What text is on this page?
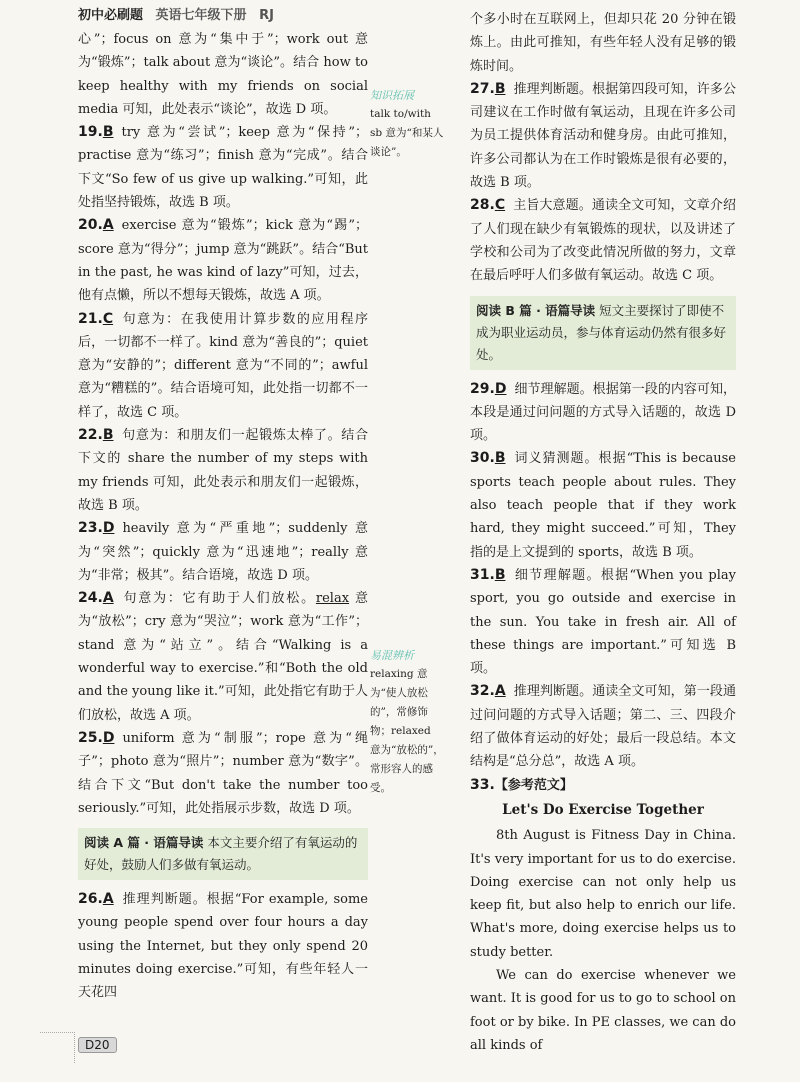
初中必刷题 英语七年级下册 RJ

心”；focus on 意为“集中于”；work out 意为“锻炼”；talk about 意为“谈论”。结合 how to keep healthy with my friends on social media 可知，此处表示“谈论”，故选 D 项。

19.B try 意为“尝试”；keep 意为“保持”；practise 意为“练习”；finish 意为“完成”。结合下文“So few of us give up walking.”可知，此处指坚持锻炼，故选 B 项。
20.A exercise 意为“锻炼”；kick 意为“踢”；score 意为“得分”；jump 意为“跳跃”。结合“But in the past, he was kind of lazy”可知，过去，他有点懒，所以不想每天锻炼，故选 A 项。
21.C 句意为：在我使用计算步数的应用程序后，一切都不一样了。kind 意为“善良的”；quiet 意为“安静的”；different 意为“不同的”；awful 意为“糟糕的”。结合语境可知，此处指一切都不一样了，故选 C 项。
22.B 句意为：和朋友们一起锻炼太棒了。结合下文的 share the number of my steps with my friends 可知，此处表示和朋友们一起锻炼，故选 B 项。
23.D heavily 意为“严重地”；suddenly 意为“突然”；quickly 意为“迅速地”；really 意为“非常；极其”。结合语境，故选 D 项。
24.A 句意为：它有助于人们放松。relax 意为“放松”；cry 意为“哭泣”；work 意为“工作”；stand 意为“站立”。结合“Walking is a wonderful way to exercise.”和“Both the old and the young like it.”可知，此处指它有助于人们放松，故选 A 项。
25.D uniform 意为“制服”；rope 意为“绳子”；photo 意为“照片”；number 意为“数字”。结合下文“But don't take the number too seriously.”可知，此处指展示步数，故选 D 项。
阅读 A 篇 · 语篇导读 本文主要介绍了有氧运动的好处，鼓励人们多做有氧运动。
26.A 推理判断题。根据“For example, some young people spend over four hours a day using the Internet, but they only spend 20 minutes doing exercise.”可知，有些年轻人一天花四
知识拓展
talk to/with sb 意为“和某人谈论”。
易混辨析
relaxing 意为“使人放松的”，常修饰物；relaxed 意为“放松的”，常形容人的感受。

个多小时在互联网上，但却只花 20 分钟在锻炼上。由此可推知，有些年轻人没有足够的锻炼时间。

27.B 推理判断题。根据第四段可知，许多公司建议在工作时做有氧运动，且现在许多公司为员工提供体育活动和健身房。由此可推知，许多公司都认为在工作时锻炼是很有必要的，故选 B 项。
28.C 主旨大意题。通读全文可知，文章介绍了人们现在缺少有氧锻炼的现状，以及讲述了学校和公司为了改变此情况所做的努力，文章在最后呼吁人们多做有氧运动。故选 C 项。
阅读 B 篇 · 语篇导读 短文主要探讨了即使不成为职业运动员，参与体育运动仍然有很多好处。
29.D 细节理解题。根据第一段的内容可知，本段是通过问问题的方式导入话题的，故选 D 项。
30.B 词义猜测题。根据“This is because sports teach people about rules. They also teach people that if they work hard, they might succeed.”可知，They 指的是上文提到的 sports，故选 B 项。
31.B 细节理解题。根据“When you play sport, you go outside and exercise in the sun. You take in fresh air. All of these things are important.”可知选 B 项。
32.A 推理判断题。通读全文可知，第一段通过问问题的方式导入话题；第二、三、四段介绍了做体育运动的好处；最后一段总结。本文结构是“总分总”，故选 A 项。
33.【参考范文】
Let's Do Exercise Together

8th August is Fitness Day in China. It's very important for us to do exercise. Doing exercise can not only help us keep fit, but also help to enrich our life. What's more, doing exercise helps us to study better.

We can do exercise whenever we want. It is good for us to go to school on foot or by bike. In PE classes, we can do all kinds of

D20
